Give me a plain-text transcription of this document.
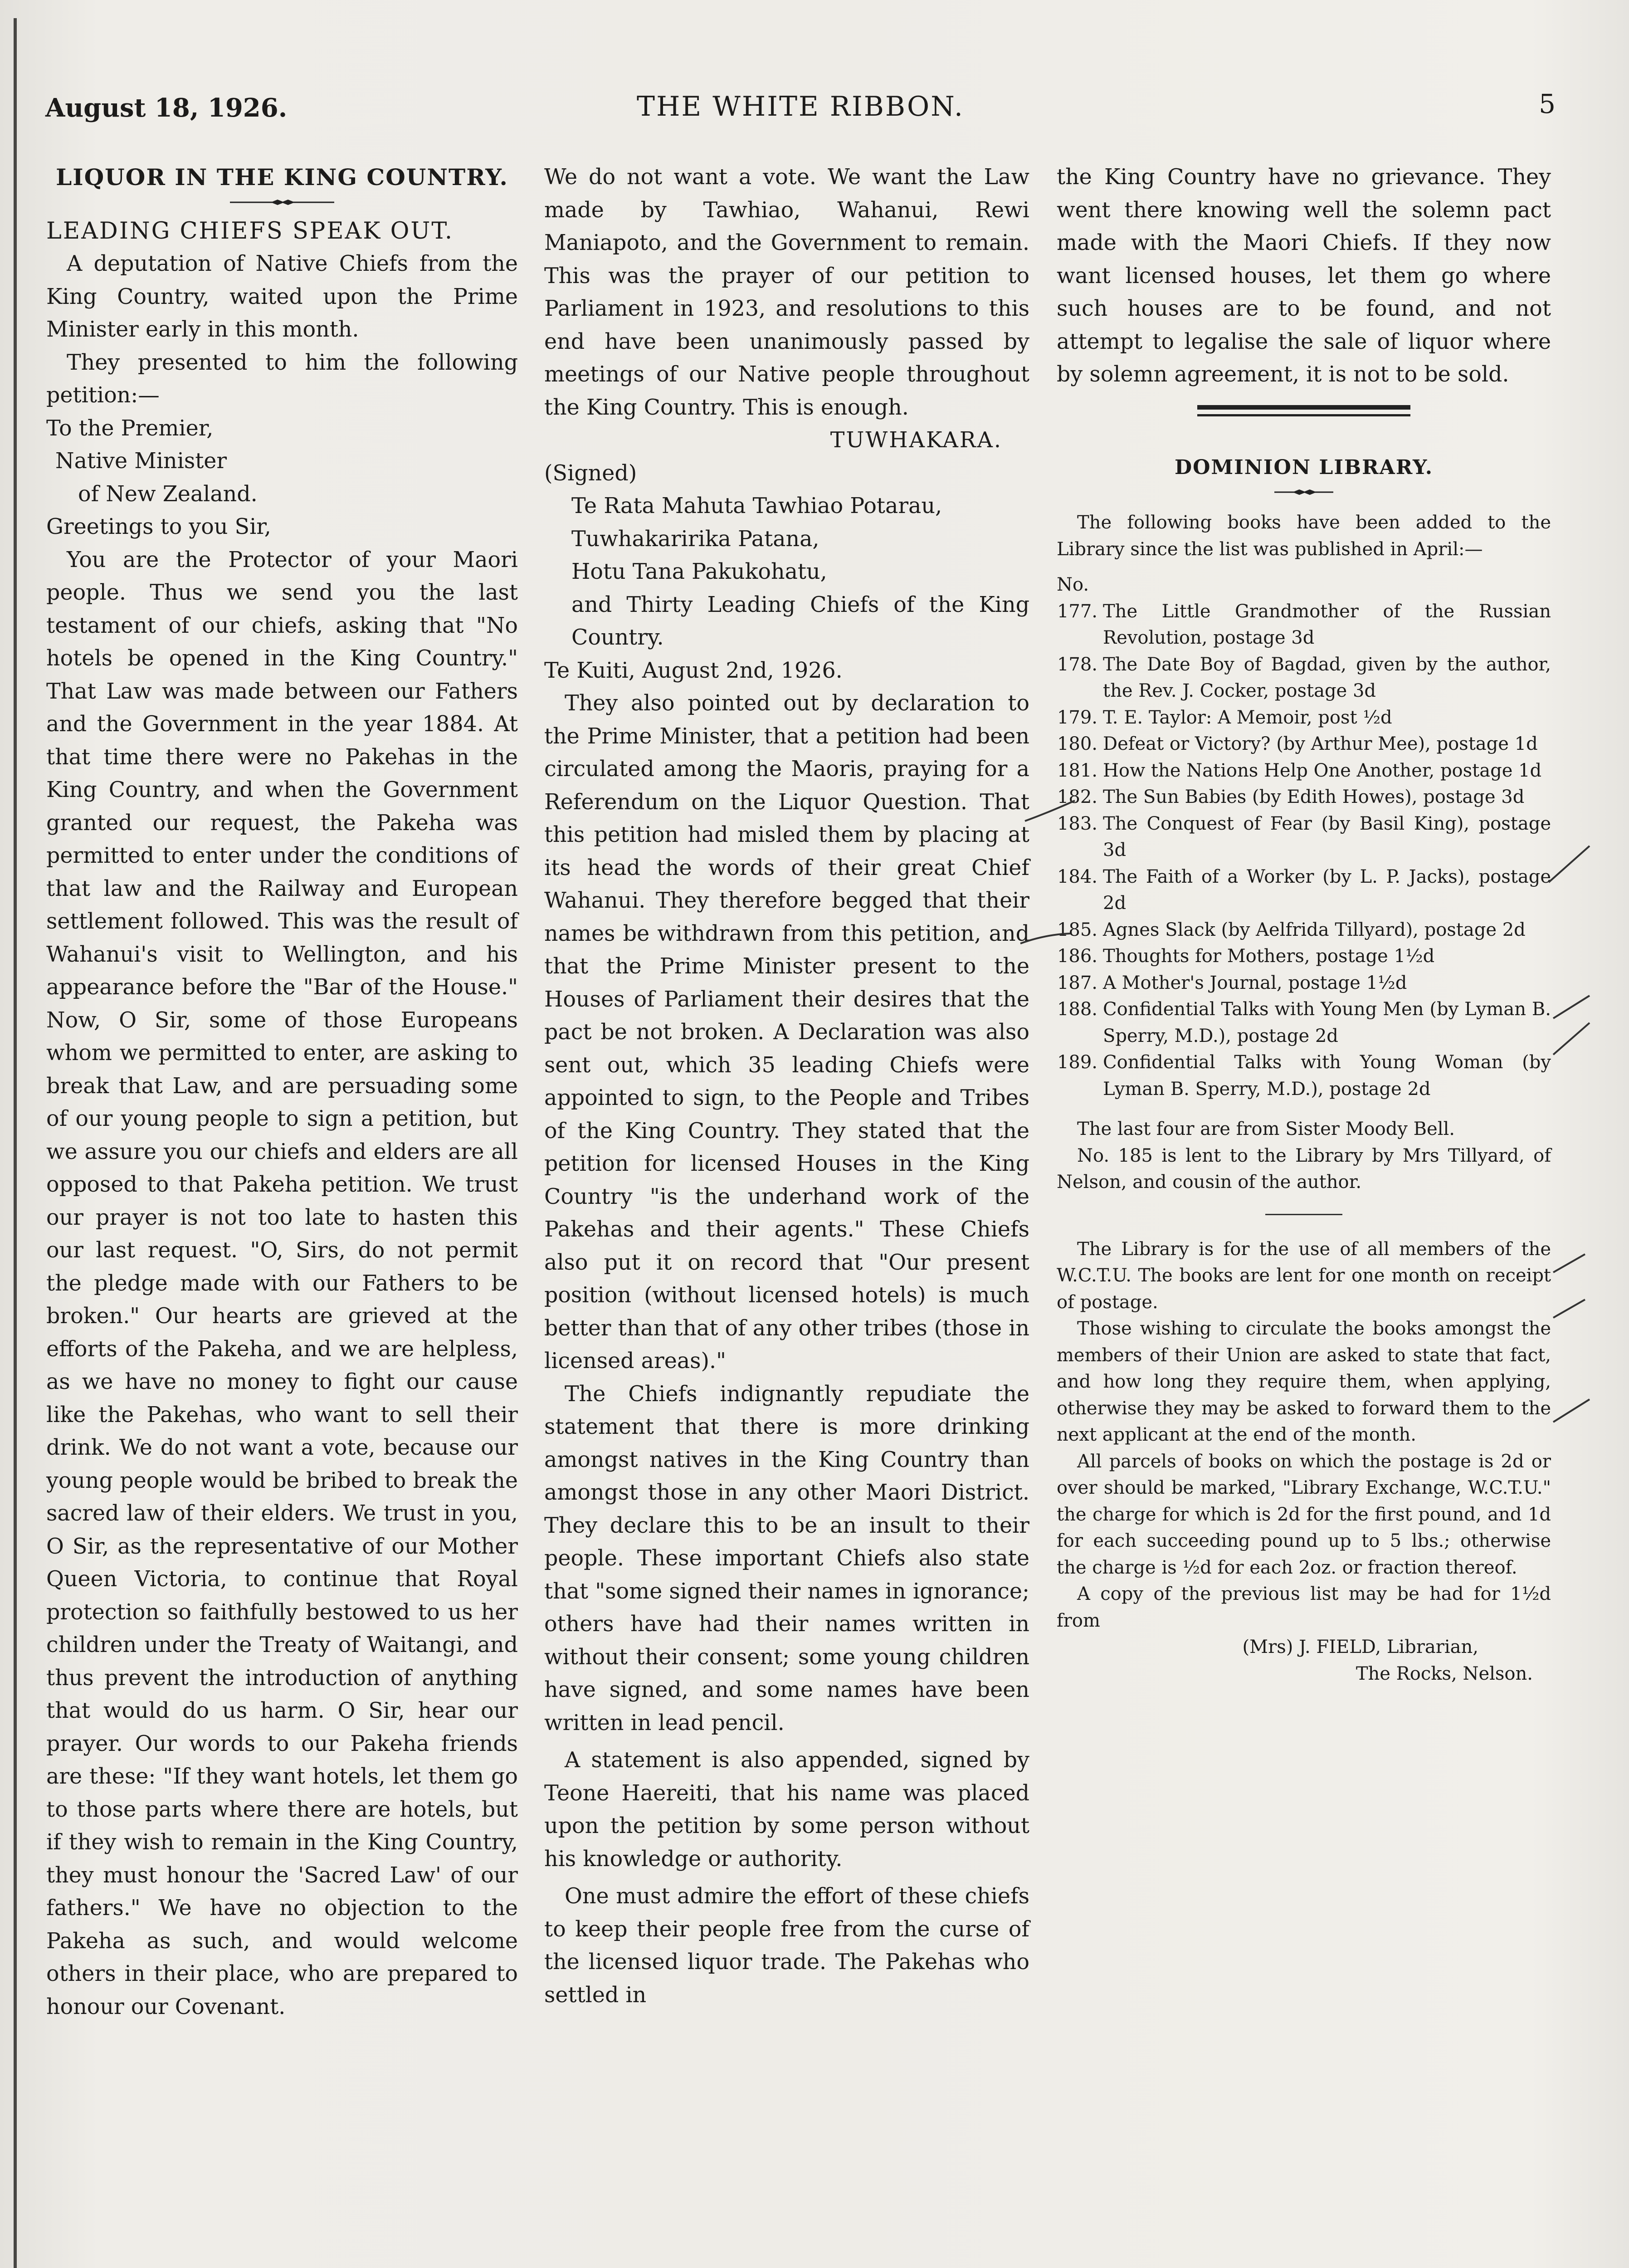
August 18, 1926.	THE WHITE RIBBON.	5

LIQUOR IN THE KING COUNTRY.

LEADING CHIEFS SPEAK OUT.

A deputation of Native Chiefs from the King Country, waited upon the Prime Minister early in this month.

They presented to him the following petition:—

To the Premier,

Native Minister

of New Zealand.

Greetings to you Sir,

You are the Protector of your Maori people. Thus we send you the last testament of our chiefs, asking that "No hotels be opened in the King Country." That Law was made between our Fathers and the Government in the year 1884. At that time there were no Pakehas in the King Country, and when the Government granted our request, the Pakeha was permitted to enter under the conditions of that law and the Railway and European settlement followed. This was the result of Wahanui's visit to Wellington, and his appearance before the "Bar of the House." Now, O Sir, some of those Europeans whom we permitted to enter, are asking to break that Law, and are persuading some of our young people to sign a petition, but we assure you our chiefs and elders are all opposed to that Pakeha petition. We trust our prayer is not too late to hasten this our last request. "O, Sirs, do not permit the pledge made with our Fathers to be broken." Our hearts are grieved at the efforts of the Pakeha, and we are helpless, as we have no money to fight our cause like the Pakehas, who want to sell their drink. We do not want a vote, because our young people would be bribed to break the sacred law of their elders. We trust in you, O Sir, as the representative of our Mother Queen Victoria, to continue that Royal protection so faithfully bestowed to us her children under the Treaty of Waitangi, and thus prevent the introduction of anything that would do us harm. O Sir, hear our prayer. Our words to our Pakeha friends are these: "If they want hotels, let them go to those parts where there are hotels, but if they wish to remain in the King Country, they must honour the 'Sacred Law' of our fathers." We have no objection to the Pakeha as such, and would welcome others in their place, who are prepared to honour our Covenant.

We do not want a vote. We want the Law made by Tawhiao, Wahanui, Rewi Maniapoto, and the Government to remain. This was the prayer of our petition to Parliament in 1923, and resolutions to this end have been unanimously passed by meetings of our Native people throughout the King Country. This is enough.

TUWHAKARA.

(Signed)

Te Rata Mahuta Tawhiao Potarau,

Tuwhakaririka Patana,

Hotu Tana Pakukohatu,

and Thirty Leading Chiefs of the King Country.

Te Kuiti, August 2nd, 1926.

They also pointed out by declaration to the Prime Minister, that a petition had been circulated among the Maoris, praying for a Referendum on the Liquor Question. That this petition had misled them by placing at its head the words of their great Chief Wahanui. They therefore begged that their names be withdrawn from this petition, and that the Prime Minister present to the Houses of Parliament their desires that the pact be not broken. A Declaration was also sent out, which 35 leading Chiefs were appointed to sign, to the People and Tribes of the King Country. They stated that the petition for licensed Houses in the King Country "is the underhand work of the Pakehas and their agents." These Chiefs also put it on record that "Our present position (without licensed hotels) is much better than that of any other tribes (those in licensed areas)."

The Chiefs indignantly repudiate the statement that there is more drinking amongst natives in the King Country than amongst those in any other Maori District. They declare this to be an insult to their people. These important Chiefs also state that "some signed their names in ignorance; others have had their names written in without their consent; some young children have signed, and some names have been written in lead pencil.

A statement is also appended, signed by Teone Haereiti, that his name was placed upon the petition by some person without his knowledge or authority.

One must admire the effort of these chiefs to keep their people free from the curse of the licensed liquor trade. The Pakehas who settled in

the King Country have no grievance. They went there knowing well the solemn pact made with the Maori Chiefs. If they now want licensed houses, let them go where such houses are to be found, and not attempt to legalise the sale of liquor where by solemn agreement, it is not to be sold.

DOMINION LIBRARY.

The following books have been added to the Library since the list was published in April:—

No.

177. The Little Grandmother of the Russian Revolution, postage 3d
178. The Date Boy of Bagdad, given by the author, the Rev. J. Cocker, postage 3d
179. T. E. Taylor: A Memoir, post ½d
180. Defeat or Victory? (by Arthur Mee), postage 1d
181. How the Nations Help One Another, postage 1d
182. The Sun Babies (by Edith Howes), postage 3d
183. The Conquest of Fear (by Basil King), postage 3d
184. The Faith of a Worker (by L. P. Jacks), postage 2d
185. Agnes Slack (by Aelfrida Tillyard), postage 2d
186. Thoughts for Mothers, postage 1½d
187. A Mother's Journal, postage 1½d
188. Confidential Talks with Young Men (by Lyman B. Sperry, M.D.), postage 2d
189. Confidential Talks with Young Woman (by Lyman B. Sperry, M.D.), postage 2d

The last four are from Sister Moody Bell.

No. 185 is lent to the Library by Mrs Tillyard, of Nelson, and cousin of the author.

The Library is for the use of all members of the W.C.T.U. The books are lent for one month on receipt of postage.

Those wishing to circulate the books amongst the members of their Union are asked to state that fact, and how long they require them, when applying, otherwise they may be asked to forward them to the next applicant at the end of the month.

All parcels of books on which the postage is 2d or over should be marked, "Library Exchange, W.C.T.U." the charge for which is 2d for the first pound, and 1d for each succeeding pound up to 5 lbs.; otherwise the charge is ½d for each 2oz. or fraction thereof.

A copy of the previous list may be had for 1½d from

(Mrs) J. FIELD, Librarian,

The Rocks, Nelson.
